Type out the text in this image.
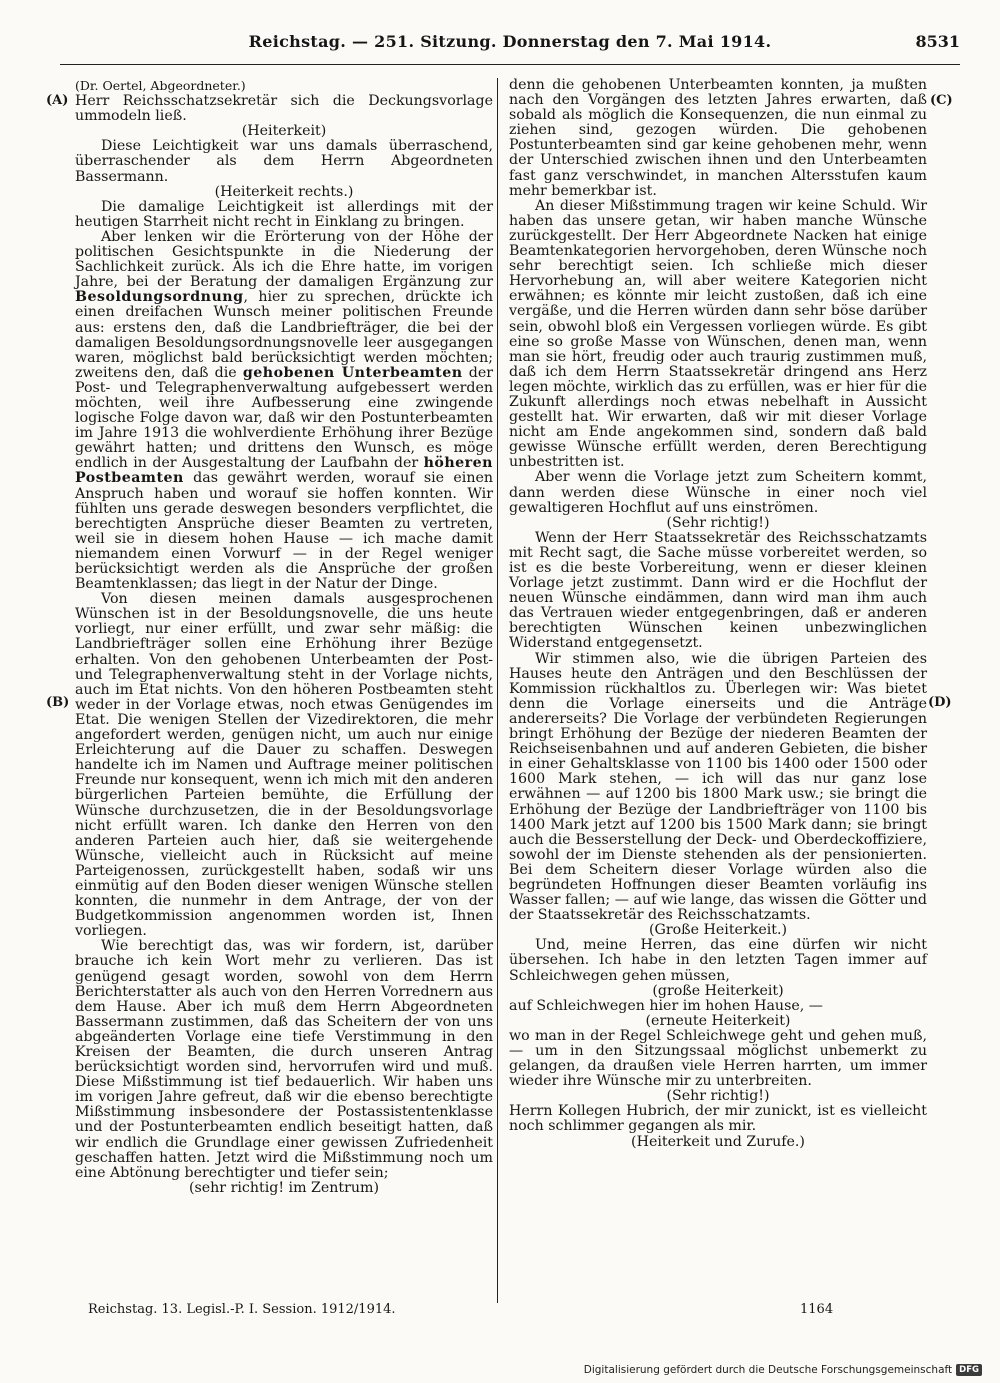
Reichstag. — 251. Sitzung. Donnerstag den 7. Mai 1914.	8531
(A)
(B)
(C)
(D)
(Dr. Oertel, Abgeordneter.)

Herr Reichsschatzsekretär sich die Deckungsvorlage ummodeln ließ.

(Heiterkeit)

Diese Leichtigkeit war uns damals überraschend, überraschender als dem Herrn Abgeordneten Bassermann.

(Heiterkeit rechts.)

Die damalige Leichtigkeit ist allerdings mit der heutigen Starrheit nicht recht in Einklang zu bringen.

Aber lenken wir die Erörterung von der Höhe der politischen Gesichtspunkte in die Niederung der Sachlichkeit zurück. Als ich die Ehre hatte, im vorigen Jahre, bei der Beratung der damaligen Ergänzung zur Besoldungsordnung, hier zu sprechen, drückte ich einen dreifachen Wunsch meiner politischen Freunde aus: erstens den, daß die Landbriefträger, die bei der damaligen Besoldungsordnungsnovelle leer ausgegangen waren, möglichst bald berücksichtigt werden möchten; zweitens den, daß die gehobenen Unterbeamten der Post- und Telegraphenverwaltung aufgebessert werden möchten, weil ihre Aufbesserung eine zwingende logische Folge davon war, daß wir den Postunterbeamten im Jahre 1913 die wohlverdiente Erhöhung ihrer Bezüge gewährt hatten; und drittens den Wunsch, es möge endlich in der Ausgestaltung der Laufbahn der höheren Postbeamten das gewährt werden, worauf sie einen Anspruch haben und worauf sie hoffen konnten. Wir fühlten uns gerade deswegen besonders verpflichtet, die berechtigten Ansprüche dieser Beamten zu vertreten, weil sie in diesem hohen Hause — ich mache damit niemandem einen Vorwurf — in der Regel weniger berücksichtigt werden als die Ansprüche der großen Beamtenklassen; das liegt in der Natur der Dinge.

Von diesen meinen damals ausgesprochenen Wünschen ist in der Besoldungsnovelle, die uns heute vorliegt, nur einer erfüllt, und zwar sehr mäßig: die Landbriefträger sollen eine Erhöhung ihrer Bezüge erhalten. Von den gehobenen Unterbeamten der Post- und Telegraphenverwaltung steht in der Vorlage nichts, auch im Etat nichts. Von den höheren Postbeamten steht weder in der Vorlage etwas, noch etwas Genügendes im Etat. Die wenigen Stellen der Vizedirektoren, die mehr angefordert werden, genügen nicht, um auch nur einige Erleichterung auf die Dauer zu schaffen. Deswegen handelte ich im Namen und Auftrage meiner politischen Freunde nur konsequent, wenn ich mich mit den anderen bürgerlichen Parteien bemühte, die Erfüllung der Wünsche durchzusetzen, die in der Besoldungsvorlage nicht erfüllt waren. Ich danke den Herren von den anderen Parteien auch hier, daß sie weitergehende Wünsche, vielleicht auch in Rücksicht auf meine Parteigenossen, zurückgestellt haben, sodaß wir uns einmütig auf den Boden dieser wenigen Wünsche stellen konnten, die nunmehr in dem Antrage, der von der Budgetkommission angenommen worden ist, Ihnen vorliegen.

Wie berechtigt das, was wir fordern, ist, darüber brauche ich kein Wort mehr zu verlieren. Das ist genügend gesagt worden, sowohl von dem Herrn Berichterstatter als auch von den Herren Vorrednern aus dem Hause. Aber ich muß dem Herrn Abgeordneten Bassermann zustimmen, daß das Scheitern der von uns abgeänderten Vorlage eine tiefe Verstimmung in den Kreisen der Beamten, die durch unseren Antrag berücksichtigt worden sind, hervorrufen wird und muß. Diese Mißstimmung ist tief bedauerlich. Wir haben uns im vorigen Jahre gefreut, daß wir die ebenso berechtigte Mißstimmung insbesondere der Postassistentenklasse und der Postunterbeamten endlich beseitigt hatten, daß wir endlich die Grundlage einer gewissen Zufriedenheit geschaffen hatten. Jetzt wird die Mißstimmung noch um eine Abtönung berechtigter und tiefer sein;

(sehr richtig! im Zentrum)

denn die gehobenen Unterbeamten konnten, ja mußten nach den Vorgängen des letzten Jahres erwarten, daß sobald als möglich die Konsequenzen, die nun einmal zu ziehen sind, gezogen würden. Die gehobenen Postunterbeamten sind gar keine gehobenen mehr, wenn der Unterschied zwischen ihnen und den Unterbeamten fast ganz verschwindet, in manchen Altersstufen kaum mehr bemerkbar ist.

An dieser Mißstimmung tragen wir keine Schuld. Wir haben das unsere getan, wir haben manche Wünsche zurückgestellt. Der Herr Abgeordnete Nacken hat einige Beamtenkategorien hervorgehoben, deren Wünsche noch sehr berechtigt seien. Ich schließe mich dieser Hervorhebung an, will aber weitere Kategorien nicht erwähnen; es könnte mir leicht zustoßen, daß ich eine vergäße, und die Herren würden dann sehr böse darüber sein, obwohl bloß ein Vergessen vorliegen würde. Es gibt eine so große Masse von Wünschen, denen man, wenn man sie hört, freudig oder auch traurig zustimmen muß, daß ich dem Herrn Staatssekretär dringend ans Herz legen möchte, wirklich das zu erfüllen, was er hier für die Zukunft allerdings noch etwas nebelhaft in Aussicht gestellt hat. Wir erwarten, daß wir mit dieser Vorlage nicht am Ende angekommen sind, sondern daß bald gewisse Wünsche erfüllt werden, deren Berechtigung unbestritten ist.

Aber wenn die Vorlage jetzt zum Scheitern kommt, dann werden diese Wünsche in einer noch viel gewaltigeren Hochflut auf uns einströmen.

(Sehr richtig!)

Wenn der Herr Staatssekretär des Reichsschatzamts mit Recht sagt, die Sache müsse vorbereitet werden, so ist es die beste Vorbereitung, wenn er dieser kleinen Vorlage jetzt zustimmt. Dann wird er die Hochflut der neuen Wünsche eindämmen, dann wird man ihm auch das Vertrauen wieder entgegenbringen, daß er anderen berechtigten Wünschen keinen unbezwinglichen Widerstand entgegensetzt.

Wir stimmen also, wie die übrigen Parteien des Hauses heute den Anträgen und den Beschlüssen der Kommission rückhaltlos zu. Überlegen wir: Was bietet denn die Vorlage einerseits und die Anträge andererseits? Die Vorlage der verbündeten Regierungen bringt Erhöhung der Bezüge der niederen Beamten der Reichseisenbahnen und auf anderen Gebieten, die bisher in einer Gehaltsklasse von 1100 bis 1400 oder 1500 oder 1600 Mark stehen, — ich will das nur ganz lose erwähnen — auf 1200 bis 1800 Mark usw.; sie bringt die Erhöhung der Bezüge der Landbriefträger von 1100 bis 1400 Mark jetzt auf 1200 bis 1500 Mark dann; sie bringt auch die Besserstellung der Deck- und Oberdeckoffiziere, sowohl der im Dienste stehenden als der pensionierten. Bei dem Scheitern dieser Vorlage würden also die begründeten Hoffnungen dieser Beamten vorläufig ins Wasser fallen; — auf wie lange, das wissen die Götter und der Staatssekretär des Reichsschatzamts.

(Große Heiterkeit.)

Und, meine Herren, das eine dürfen wir nicht übersehen. Ich habe in den letzten Tagen immer auf Schleichwegen gehen müssen,

(große Heiterkeit)

auf Schleichwegen hier im hohen Hause, —

(erneute Heiterkeit)

wo man in der Regel Schleichwege geht und gehen muß, — um in den Sitzungssaal möglichst unbemerkt zu gelangen, da draußen viele Herren harrten, um immer wieder ihre Wünsche mir zu unterbreiten.

(Sehr richtig!)

Herrn Kollegen Hubrich, der mir zunickt, ist es vielleicht noch schlimmer gegangen als mir.

(Heiterkeit und Zurufe.)
Reichstag. 13. Legisl.-P. I. Session. 1912/1914.	1164
Digitalisierung gefördert durch die Deutsche Forschungsgemeinschaft DFG
